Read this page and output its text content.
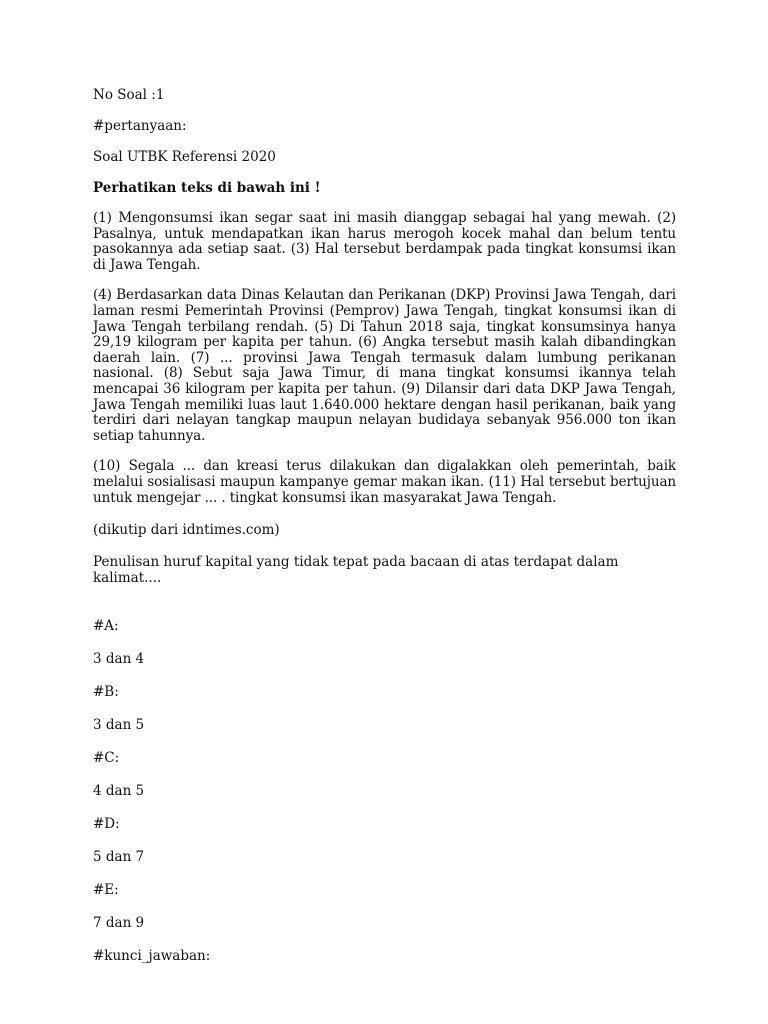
No Soal :1

#pertanyaan:

Soal UTBK Referensi 2020

Perhatikan teks di bawah ini !

(1) Mengonsumsi ikan segar saat ini masih dianggap sebagai hal yang mewah. (2) Pasalnya, untuk mendapatkan ikan harus merogoh kocek mahal dan belum tentu pasokannya ada setiap saat. (3) Hal tersebut berdampak pada tingkat konsumsi ikan di Jawa Tengah.

(4) Berdasarkan data Dinas Kelautan dan Perikanan (DKP) Provinsi Jawa Tengah, dari laman resmi Pemerintah Provinsi (Pemprov) Jawa Tengah, tingkat konsumsi ikan di Jawa Tengah terbilang rendah. (5) Di Tahun 2018 saja, tingkat konsumsinya hanya 29,19 kilogram per kapita per tahun. (6) Angka tersebut masih kalah dibandingkan daerah lain. (7) ... provinsi Jawa Tengah termasuk dalam lumbung perikanan nasional. (8) Sebut saja Jawa Timur, di mana tingkat konsumsi ikannya telah mencapai 36 kilogram per kapita per tahun. (9) Dilansir dari data DKP Jawa Tengah, Jawa Tengah memiliki luas laut 1.640.000 hektare dengan hasil perikanan, baik yang terdiri dari nelayan tangkap maupun nelayan budidaya sebanyak 956.000 ton ikan setiap tahunnya.

(10) Segala ... dan kreasi terus dilakukan dan digalakkan oleh pemerintah, baik melalui sosialisasi maupun kampanye gemar makan ikan. (11) Hal tersebut bertujuan untuk mengejar ... . tingkat konsumsi ikan masyarakat Jawa Tengah.

(dikutip dari idntimes.com)

Penulisan huruf kapital yang tidak tepat pada bacaan di atas terdapat dalam kalimat....

#A:

3 dan 4

#B:

3 dan 5

#C:

4 dan 5

#D:

5 dan 7

#E:

7 dan 9

#kunci_jawaban:
